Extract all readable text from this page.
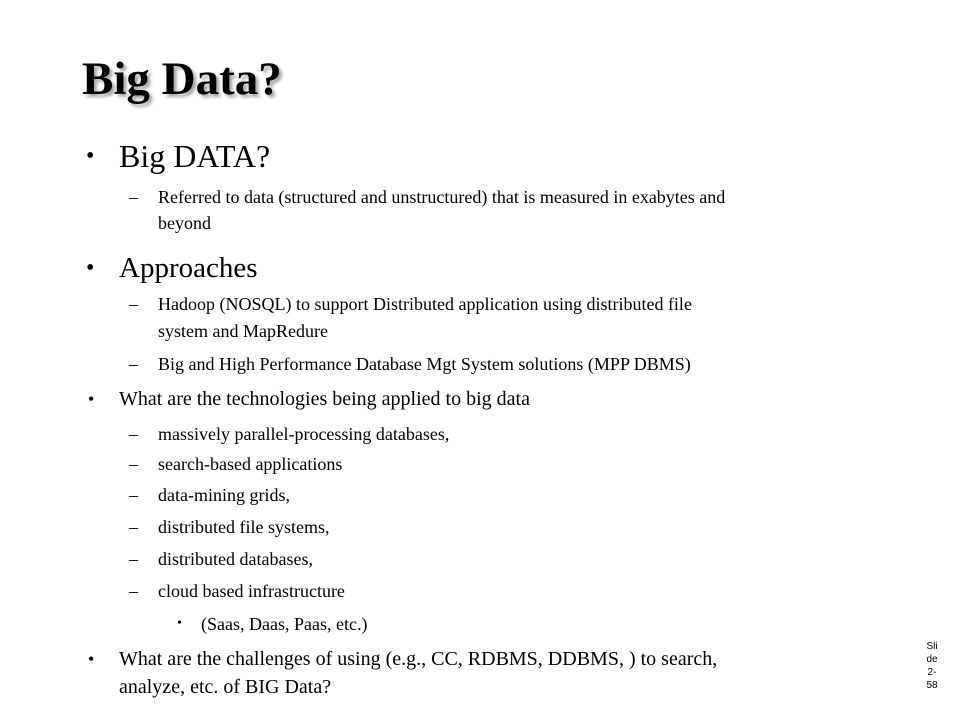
Big Data?
• Big DATA?
– Referred to data (structured and unstructured) that is measured in exabytes and
beyond
• Approaches
– Hadoop (NOSQL) to support Distributed application using distributed file
system and MapRedure
– Big and High Performance Database Mgt System solutions (MPP DBMS)
• What are the technologies being applied to big data
– massively parallel-processing databases,
– search-based applications
– data-mining grids,
– distributed file systems,
– distributed databases,
– cloud based infrastructure
• (Saas, Daas, Paas, etc.)
• What are the challenges of using (e.g., CC, RDBMS, DDBMS, ) to search,
analyze, etc. of BIG Data?
Sli
de
2-
58
